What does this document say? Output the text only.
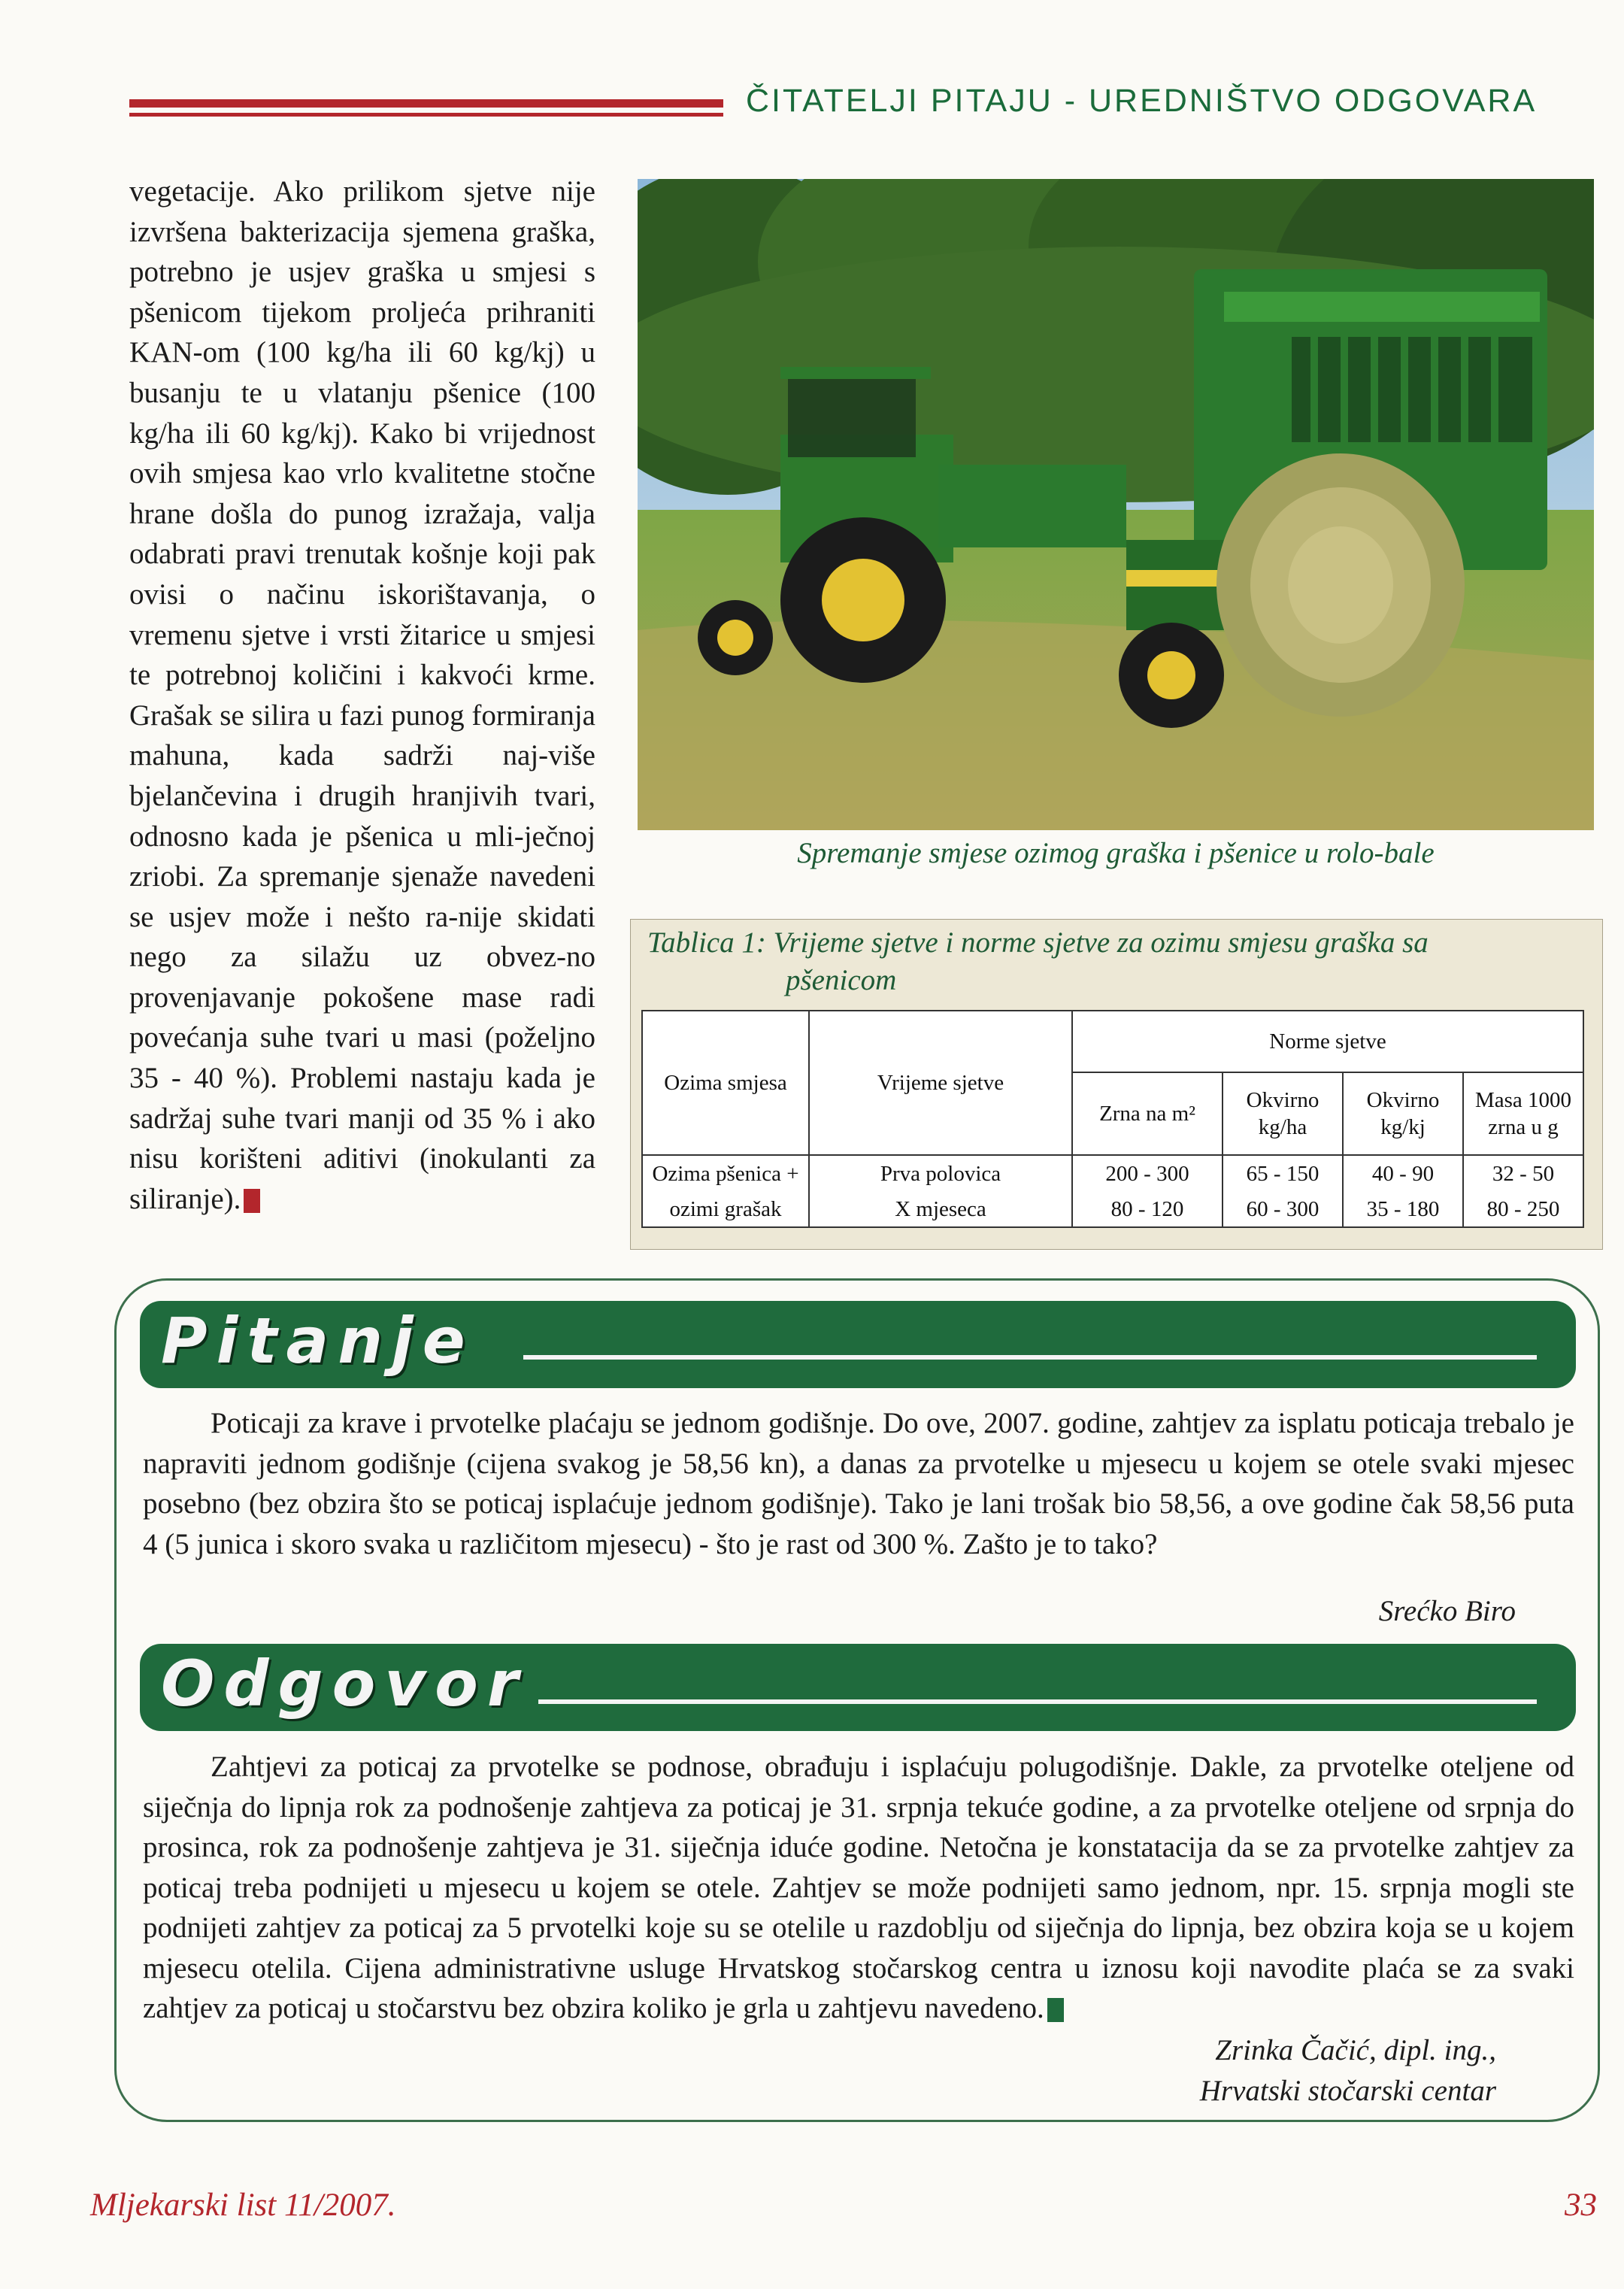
ČITATELJI PITAJU - UREDNIŠTVO ODGOVARA
vegetacije. Ako prilikom sjetve nije izvršena bakterizacija sjemena graška, potrebno je usjev graška u smjesi s pšenicom tijekom proljeća prihraniti KAN-om (100 kg/ha ili 60 kg/kj) u busanju te u vlatanju pšenice (100 kg/ha ili 60 kg/kj). Kako bi vrijednost ovih smjesa kao vrlo kvalitetne stočne hrane došla do punog izražaja, valja odabrati pravi trenutak košnje koji pak ovisi o načinu iskorištavanja, o vremenu sjetve i vrsti žitarice u smjesi te potrebnoj količini i kakvoći krme. Grašak se silira u fazi punog formiranja mahuna, kada sadrži naj-više bjelančevina i drugih hranjivih tvari, odnosno kada je pšenica u mli-ječnoj zriobi. Za spremanje sjenaže navedeni se usjev može i nešto ra-nije skidati nego za silažu uz obvez-no provenjavanje pokošene mase radi povećanja suhe tvari u masi (poželjno 35 - 40 %). Problemi nastaju kada je sadržaj suhe tvari manji od 35 % i ako nisu korišteni aditivi (inokulanti za siliranje).
Spremanje smjese ozimog graška i pšenice u rolo-bale
Tablica 1: Vrijeme sjetve i norme sjetve za ozimu smjesu graška sa
pšenicom
Ozima smjesa	Vrijeme sjetve	Norme sjetve			
		Zrna na m²	Okvirno kg/ha	Okvirno kg/kj	Masa 1000 zrna u g
Ozima pšenica +	Prva polovica	200 - 300	65 - 150	40 - 90	32 - 50
ozimi grašak	X mjeseca	80 - 120	60 - 300	35 - 180	80 - 250
Pitanje
Poticaji za krave i prvotelke plaćaju se jednom godišnje. Do ove, 2007. godine, zahtjev za isplatu poticaja trebalo je napraviti jednom godišnje (cijena svakog je 58,56 kn), a danas za prvotelke u mjesecu u kojem se otele svaki mjesec posebno (bez obzira što se poticaj isplaćuje jednom godišnje). Tako je lani trošak bio 58,56, a ove godine čak 58,56 puta 4 (5 junica i skoro svaka u različitom mjesecu) - što je rast od 300 %. Zašto je to tako?
Srećko Biro
Odgovor
Zahtjevi za poticaj za prvotelke se podnose, obrađuju i isplaćuju polugodišnje. Dakle, za prvotelke oteljene od siječnja do lipnja rok za podnošenje zahtjeva za poticaj je 31. srpnja tekuće godine, a za prvotelke oteljene od srpnja do prosinca, rok za podnošenje zahtjeva je 31. siječnja iduće godine. Netočna je konstatacija da se za prvotelke zahtjev za poticaj treba podnijeti u mjesecu u kojem se otele. Zahtjev se može podnijeti samo jednom, npr. 15. srpnja mogli ste podnijeti zahtjev za poticaj za 5 prvotelki koje su se otelile u razdoblju od siječnja do lipnja, bez obzira koja se u kojem mjesecu otelila. Cijena administrativne usluge Hrvatskog stočarskog centra u iznosu koji navodite plaća se za svaki zahtjev za poticaj u stočarstvu bez obzira koliko je grla u zahtjevu navedeno.
Zrinka Čačić, dipl. ing.,
Hrvatski stočarski centar
Mljekarski list 11/2007.	33
